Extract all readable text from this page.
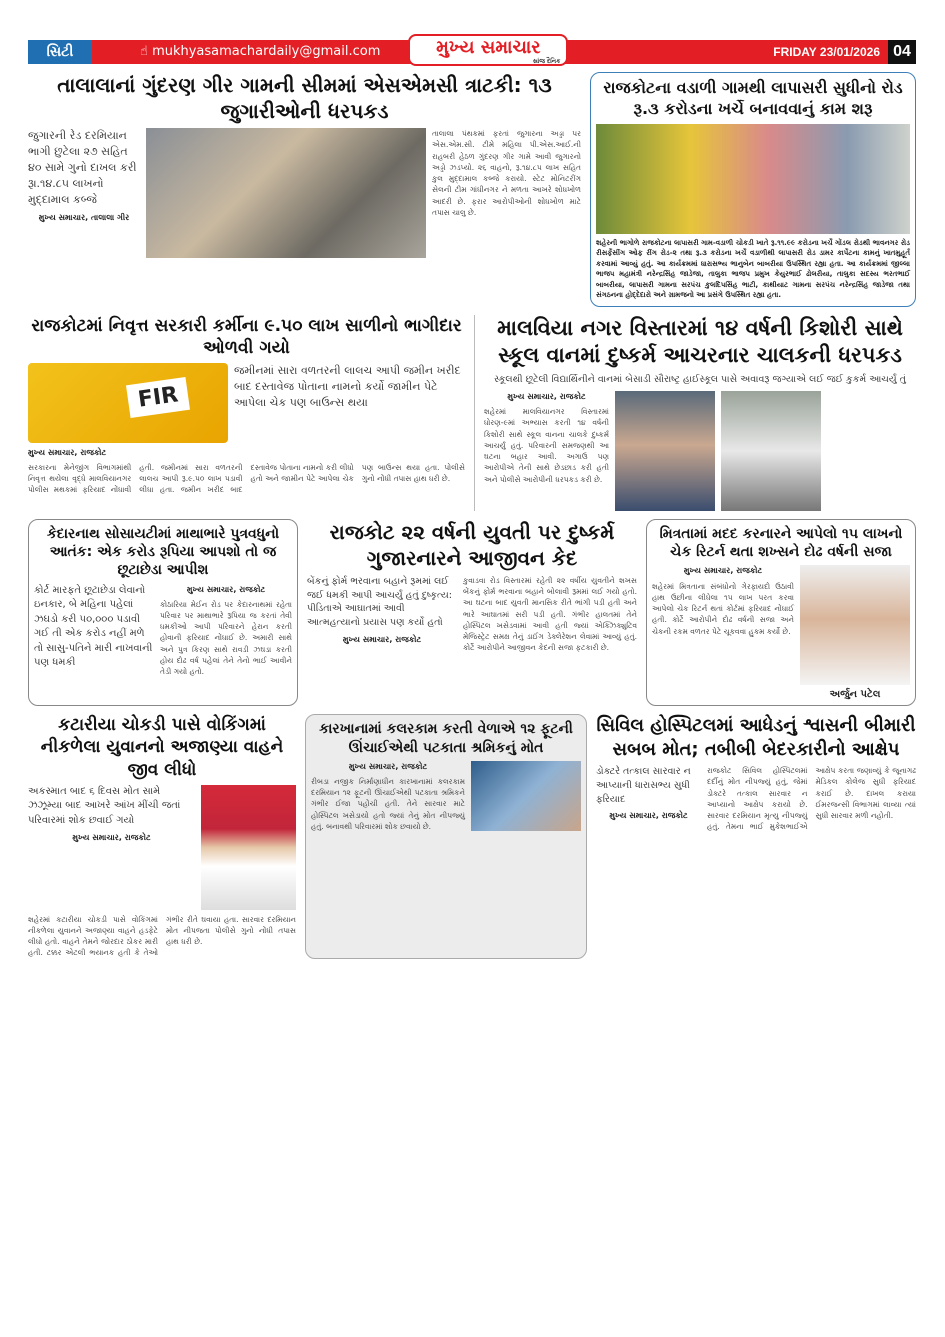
સિટી	☝ mukhyasamachardaily@gmail.com	મુખ્ય સમાચાર
સાંજ દૈનિક
FRIDAY 23/01/2026 04
તાલાલાનાં ગુંદરણ ગીર ગામની સીમમાં એસએમસી ત્રાટકી: ૧૩ જુગારીઓની ધરપકડ
જુગારની રેડ દરમિયાન ભાગી છુટેલા ૨૭ સહિત ૪૦ સામે ગુનો દાખલ કરી રૂા.૧૪.૮૫ લાખનો મુદ્દામાલ કબ્જે
મુખ્ય સમાચાર, તાલાલા ગીર
તાલાલા પંથકમાં ફરતાં જુગારના અડ્ડા પર એસ.એમ.સી. ટીમે મહિલા પી.એસ.આઈ.ની રાહબરી હેઠળ ગુંદરણ ગીર ગામે આવી જુગારનો અડ્ડો ઝડપ્યો. ૨૬ વાહનો, રૂ.૧૪.૮૫ લાખ સહિત કુલ મુદ્દામાલ કબ્જે કરાયો. સ્ટેટ મોનિટરીંગ સેલની ટીમ ગાંધીનગર ને મળતા આખરે શોધખોળ આદરી છે. ફરાર આરોપીઓની શોધખોળ માટે તપાસ ચાલુ છે.
રાજકોટના વડાળી ગામથી લાપાસરી સુધીનો રોડ રૂ.૩ કરોડના ખર્ચે બનાવવાનું કામ શરૂ
શહેરની ભાગોળે રાજકોટના લાપાસરી ગામ-વડાળી ચોકડી ખાતે રૂ.૧૧.૯૯ કરોડના ખર્ચે ગોંડલ રોડથી ભાવનગર રોડ રીસર્ફેસીંગ ઓફ રીંગ રોડ-૨ તથા રૂ.૩ કરોડના ખર્ચે વડાળીથી લાપાસરી રોડ ડામર કાર્પેટના કામનું ખાતમુહૂર્ત કરવામાં આવ્યું હતું. આ કાર્યક્રમમાં ધારાસભ્ય ભાનુબેન બાબરીયા ઉપસ્થિત રહ્યા હતા. આ કાર્યક્રમમાં જીલ્લા ભાજપ મહામંત્રી નરેન્દ્રસિંહ જાડેજા, તાલુકા ભાજપ પ્રમુખ કેયુરભાઈ ઢોલરીયા, તાલુકા સદસ્ય ભરતભાઈ બાબરીયા, લાપાસરી ગામના સરપંચ કુલદિપસિંહ ભાટી, કાથીયાટ ગામના સરપંચ નરેન્દ્રસિંહ જાડેજા તથા સંગઠનના હોદ્દેદારો અને ગ્રામજનો આ પ્રસંગે ઉપસ્થિત રહ્યા હતા.
રાજકોટમાં નિવૃત્ત સરકારી કર્મીના ૯.૫૦ લાખ સાળીનો ભાગીદાર ઓળવી ગયો
FIR
જમીનમાં સારા વળતરની લાલચ આપી જમીન ખરીદ બાદ દસ્તાવેજ પોતાના નામનો કર્યો જામીન પેટે આપેલા ચેક પણ બાઉન્સ થયા
મુખ્ય સમાચાર, રાજકોટ
સરકારના મેનેજીંગ વિભાગમાંથી નિવૃત્ત થયેલા વૃદ્ધે માલવિયાનગર પોલીસ મથકમાં ફરિયાદ નોંધાવી હતી. જમીનમાં સારા વળતરની લાલચ આપી રૂ.૯.૫૦ લાખ પડાવી લીધા હતા. જમીન ખરીદ બાદ દસ્તાવેજ પોતાના નામનો કરી લીધો હતો અને જામીન પેટે આપેલા ચેક પણ બાઉન્સ થયા હતા. પોલીસે ગુનો નોંધી તપાસ હાથ ધરી છે.
માલવિયા નગર વિસ્તારમાં ૧૪ વર્ષની કિશોરી સાથે સ્કૂલ વાનમાં દુષ્કર્મ આચરનાર ચાલકની ધરપકડ
સ્કૂલથી છૂટેલી વિદ્યાર્થિનીને વાનમાં બેસાડી સૌરાષ્ટ્ર હાઈસ્કૂલ પાસે અવાવરૂ જગ્યાએ લઈ જઈ કુકર્મ આચર્યું તું
મુખ્ય સમાચાર, રાજકોટ
શહેરમાં માલવિયાનગર વિસ્તારમાં ધોરણ-૯માં અભ્યાસ કરતી ૧૪ વર્ષની કિશોરી સાથે સ્કૂલ વાનના ચાલકે દુષ્કર્મ આચર્યું હતું. પરિવારની સમજણથી આ ઘટના બહાર આવી. અગાઉ પણ આરોપીએ તેની સાથે છેડછાડ કરી હતી અને પોલીસે આરોપીની ધરપકડ કરી છે.
કેદારનાથ સોસાયટીમાં માથાભારે પુત્રવધુનો આતંક: એક કરોડ રૂપિયા આપશો તો જ છૂટાછેડા આપીશ
કોર્ટ મારફતે છૂટાછેડા લેવાનો ઇનકાર, બે મહિના પહેલાં ઝઘડો કરી ૫૦,૦૦૦ પડાવી ગઈ તી એક કરોડ નહીં મળે તો સાસુ-પતિને મારી નાખવાની પણ ધમકી
મુખ્ય સમાચાર, રાજકોટ
કોઠારિયા મેઈન રોડ પર કેદારનાથમાં રહેતા પરિવાર પર માથાભારે રૂપિયા જ કરતાં તેવી ધમકીઓ આપી પરિવારને હેરાન કરતી હોવાની ફરિયાદ નોંધાઈ છે. અમારી સાથે અને પુત્ર કિરણ સાથે રાવડી ઝઘડા કરતી હોય દોઢ વર્ષ પહેલાં તેને તેનો ભાઈ આવીને તેડી ગયો હતો.
રાજકોટ ૨૨ વર્ષની યુવતી પર દુષ્કર્મ ગુજારનારને આજીવન કેદ
બેંકનું ફોર્મ ભરવાના બહાને રૂમમાં લઈ જઈ ધમકી આપી આચર્યું હતું દુષ્કૃત્ય: પીડિતાએ આઘાતમાં આવી આત્મહત્યાનો પ્રયાસ પણ કર્યો હતો
મુખ્ય સમાચાર, રાજકોટ
કુવાડવા રોડ વિસ્તારમાં રહેતી ૨૨ વર્ષીય યુવતીને શખસ બેંકનું ફોર્મ ભરવાના બહાને બોલાવી રૂમમાં લઈ ગયો હતો. આ ઘટના બાદ યુવતી માનસિક રીતે ભાંગી પડી હતી અને ભારે આઘાતમાં સરી પડી હતી. ગંભીર હાલતમાં તેને હોસ્પિટલ ખસેડવામાં આવી હતી જ્યાં એક્ઝિક્યુટિવ મેજિસ્ટ્રેટ સમક્ષ તેનું ડાઈંગ ડેક્લેરેશન લેવામાં આવ્યું હતું. કોર્ટે આરોપીને આજીવન કેદની સજા ફટકારી છે.
મિત્રતામાં મદદ કરનારને આપેલો ૧૫ લાખનો ચેક રિટર્ન થતા શખ્સને દોઢ વર્ષની સજા
મુખ્ય સમાચાર, રાજકોટ
શહેરમાં મિત્રતાના સંબંધોનો ગેરફાયદો ઉઠાવી હાથ ઉછીના લીધેલા ૧૫ લાખ પરત કરવા આપેલો ચેક રિટર્ન થતાં કોર્ટમાં ફરિયાદ નોંધાઈ હતી. કોર્ટે આરોપીને દોઢ વર્ષની સજા અને ચેકની રકમ વળતર પેટે ચૂકવવા હુકમ કર્યો છે.
અર્જુન પટેલ
કટારીયા ચોકડી પાસે વોકિંગમાં નીકળેલા યુવાનનો અજાણ્યા વાહને જીવ લીધો
અકસ્માત બાદ ૬ દિવસ મોત સામે ઝઝૂમ્યા બાદ આખરે આંખ મીંચી જતાં પરિવારમાં શોક છવાઈ ગયો
મુખ્ય સમાચાર, રાજકોટ
શહેરમાં કટારીયા ચોકડી પાસે વોકિંગમાં નીકળેલા યુવાનને અજાણ્યા વાહને હડફેટે લીધો હતો. વાહને તેમને જોરદાર ઠોકર મારી હતી. ટક્કર એટલી ભયાનક હતી કે તેઓ ગંભીર રીતે ઘવાયા હતા. સારવાર દરમિયાન મોત નીપજતા પોલીસે ગુનો નોંધી તપાસ હાથ ધરી છે.
કારખાનામાં કલરકામ કરતી વેળાએ ૧૨ ફૂટની ઊંચાઈએથી પટકાતા શ્રમિકનું મોત
મુખ્ય સમાચાર, રાજકોટ
રીબડા નજીક નિર્માણાધીન કારખાનામાં કલરકામ દરમિયાન ૧૨ ફૂટની ઊંચાઈએથી પટકાતા શ્રમિકને ગંભીર ઈજા પહોંચી હતી. તેને સારવાર માટે હોસ્પિટલ ખસેડાયો હતો જ્યાં તેનું મોત નીપજ્યું હતું. બનાવથી પરિવારમાં શોક છવાયો છે.
સિવિલ હોસ્પિટલમાં આધેડનું શ્વાસની બીમારી સબબ મોત; તબીબી બેદરકારીનો આક્ષેપ
ડોક્ટરે તત્કાલ સારવાર ન આપ્યાની ધારાસભ્ય સુધી ફરિયાદ
મુખ્ય સમાચાર, રાજકોટ
રાજકોટ સિવિલ હોસ્પિટલમાં દર્દીનું મોત નીપજ્યું હતું, જેમાં ડોક્ટરે તત્કાલ સારવાર ન આપ્યાનો આક્ષેપ કરાયો છે. સારવાર દરમિયાન મૃત્યુ નીપજ્યું હતું. તેમના ભાઈ મુકેશભાઈએ આક્ષેપ કરતા જણાવ્યું કે જૂનાગઢ મેડિકલ કોલેજ સુધી ફરિયાદ કરાઈ છે. દાખલ કરાયા ઈમરજન્સી વિભાગમાં લાવ્યા ત્યાં સુધી સારવાર મળી નહોતી.
